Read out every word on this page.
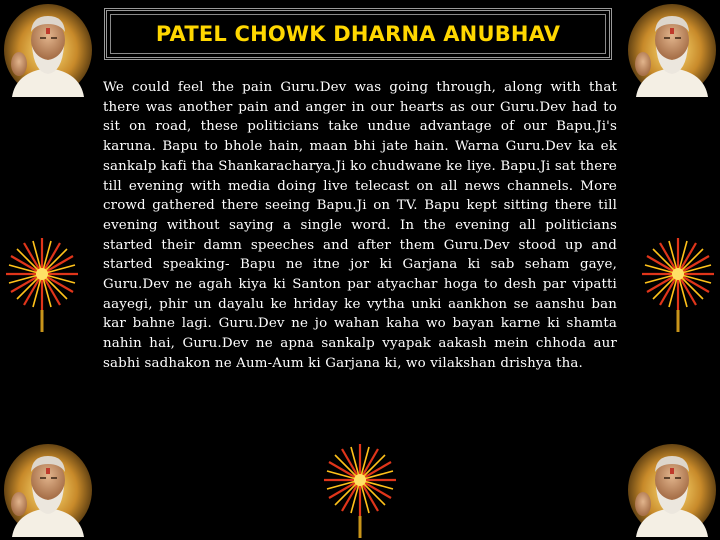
PATEL CHOWK DHARNA ANUBHAV

We could feel the pain Guru.Dev was going through, along with that there was another pain and anger in our hearts as our Guru.Dev had to sit on road, these politicians take undue advantage of our Bapu.Ji's karuna. Bapu to bhole hain, maan bhi jate hain. Warna Guru.Dev ka ek sankalp kafi tha Shankaracharya.Ji ko chudwane ke liye. Bapu.Ji sat there till evening with media doing live telecast on all news channels. More crowd gathered there seeing Bapu.Ji on TV. Bapu kept sitting there till evening without saying a single word. In the evening all politicians started their damn speeches and after them Guru.Dev stood up and started speaking- Bapu ne itne jor ki Garjana ki sab seham gaye, Guru.Dev ne agah kiya ki Santon par atyachar hoga to desh par vipatti aayegi, phir un dayalu ke hriday ke vytha unki aankhon se aanshu ban kar bahne lagi. Guru.Dev ne jo wahan kaha wo bayan karne ki shamta nahin hai, Guru.Dev ne apna sankalp vyapak aakash mein chhoda aur sabhi sadhakon ne Aum-Aum ki Garjana ki, wo vilakshan drishya tha.
